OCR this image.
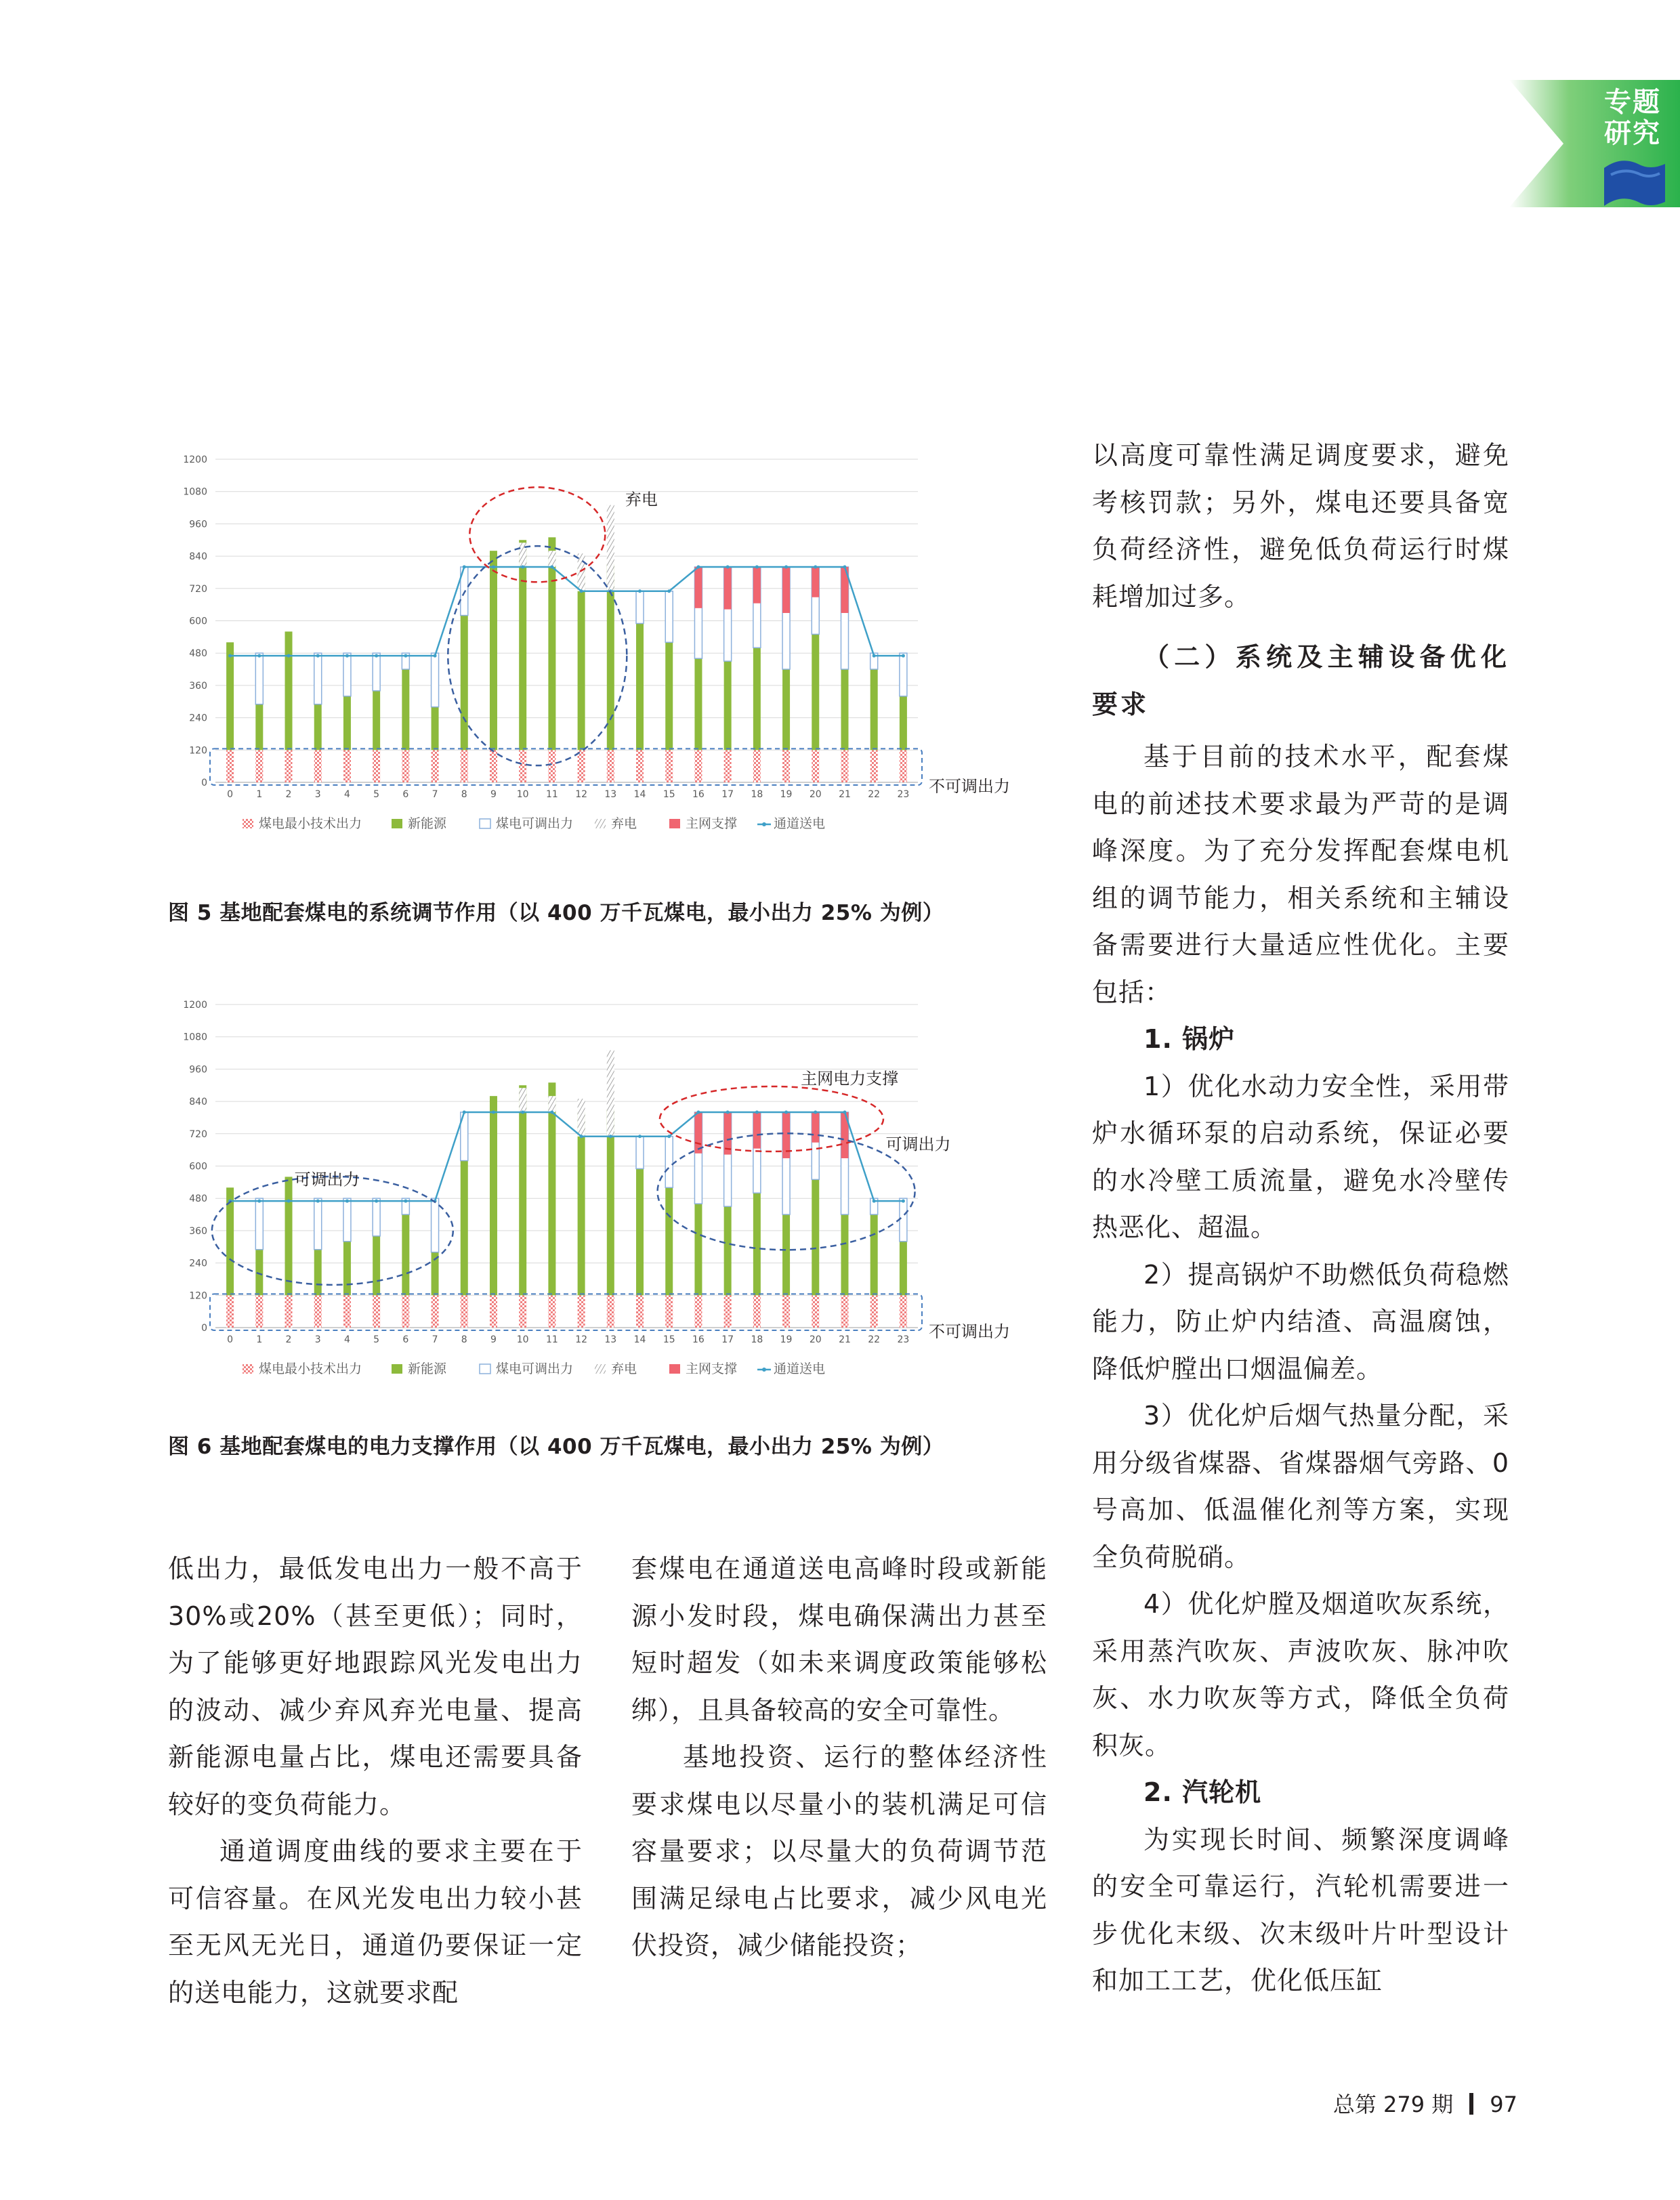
专题
研究
0
120
240
360
480
600
720
840
960
1080
1200
0 1 2 3 4 5 6 7 8 9 10 11 12 13 14 15 16 17 18 19 20 21 22 23 不可调出力
弃电
煤电最小技术出力	新能源	煤电可调出力	弃电	主网支撑	通道送电
图 5 基地配套煤电的系统调节作用（以 400 万千瓦煤电，最小出力 25% 为例）
0
120
240
360
480
600
720
840
960
1080
1200
0 1 2 3 4 5 6 7 8 9 10 11 12 13 14 15 16 17 18 19 20 21 22 23 不可调出力
可调出力
主网电力支撑
可调出力
煤电最小技术出力	新能源	煤电可调出力	弃电	主网支撑	通道送电
图 6 基地配套煤电的电力支撑作用（以 400 万千瓦煤电，最小出力 25% 为例）

低出力，最低发电出力一般不高于30%或20%（甚至更低）；同时，为了能够更好地跟踪风光发电出力的波动、减少弃风弃光电量、提高新能源电量占比，煤电还需要具备较好的变负荷能力。

通道调度曲线的要求主要在于可信容量。在风光发电出力较小甚至无风无光日，通道仍要保证一定的送电能力，这就要求配

套煤电在通道送电高峰时段或新能源小发时段，煤电确保满出力甚至短时超发（如未来调度政策能够松绑），且具备较高的安全可靠性。

基地投资、运行的整体经济性要求煤电以尽量小的装机满足可信容量要求；以尽量大的负荷调节范围满足绿电占比要求，减少风电光伏投资，减少储能投资；

以高度可靠性满足调度要求，避免考核罚款；另外，煤电还要具备宽负荷经济性，避免低负荷运行时煤耗增加过多。

（二）系统及主辅设备优化要求

基于目前的技术水平，配套煤电的前述技术要求最为严苛的是调峰深度。为了充分发挥配套煤电机组的调节能力，相关系统和主辅设备需要进行大量适应性优化。主要包括：

1. 锅炉

1）优化水动力安全性，采用带炉水循环泵的启动系统，保证必要的水冷壁工质流量，避免水冷壁传热恶化、超温。

2）提高锅炉不助燃低负荷稳燃能力，防止炉内结渣、高温腐蚀，降低炉膛出口烟温偏差。

3）优化炉后烟气热量分配，采用分级省煤器、省煤器烟气旁路、0号高加、低温催化剂等方案，实现全负荷脱硝。

4）优化炉膛及烟道吹灰系统，采用蒸汽吹灰、声波吹灰、脉冲吹灰、水力吹灰等方式，降低全负荷积灰。

2. 汽轮机

为实现长时间、频繁深度调峰的安全可靠运行，汽轮机需要进一步优化末级、次末级叶片叶型设计和加工工艺，优化低压缸

总第 279 期 97
